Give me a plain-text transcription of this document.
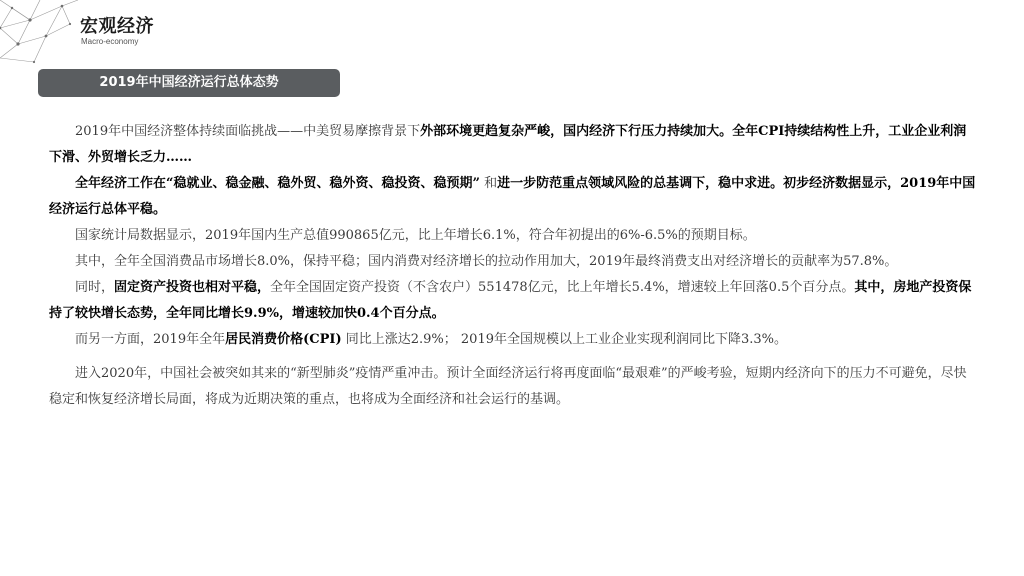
宏观经济
Macro-economy
2019年中国经济运行总体态势

2019年中国经济整体持续面临挑战——中美贸易摩擦背景下外部环境更趋复杂严峻，国内经济下行压力持续加大。全年CPI持续结构性上升，工业企业利润下滑、外贸增长乏力……

全年经济工作在“稳就业、稳金融、稳外贸、稳外资、稳投资、稳预期” 和进一步防范重点领域风险的总基调下，稳中求进。初步经济数据显示，2019年中国经济运行总体平稳。

国家统计局数据显示，2019年国内生产总值990865亿元，比上年增长6.1%，符合年初提出的6%-6.5%的预期目标。

其中，全年全国消费品市场增长8.0%，保持平稳；国内消费对经济增长的拉动作用加大，2019年最终消费支出对经济增长的贡献率为57.8%。

同时，固定资产投资也相对平稳，全年全国固定资产投资（不含农户）551478亿元，比上年增长5.4%，增速较上年回落0.5个百分点。其中，房地产投资保持了较快增长态势，全年同比增长9.9%，增速较加快0.4个百分点。

而另一方面，2019年全年居民消费价格(CPI) 同比上涨达2.9%； 2019年全国规模以上工业企业实现利润同比下降3.3%。

进入2020年，中国社会被突如其来的“新型肺炎”疫情严重冲击。预计全面经济运行将再度面临“最艰难”的严峻考验，短期内经济向下的压力不可避免，尽快稳定和恢复经济增长局面，将成为近期决策的重点，也将成为全面经济和社会运行的基调。
